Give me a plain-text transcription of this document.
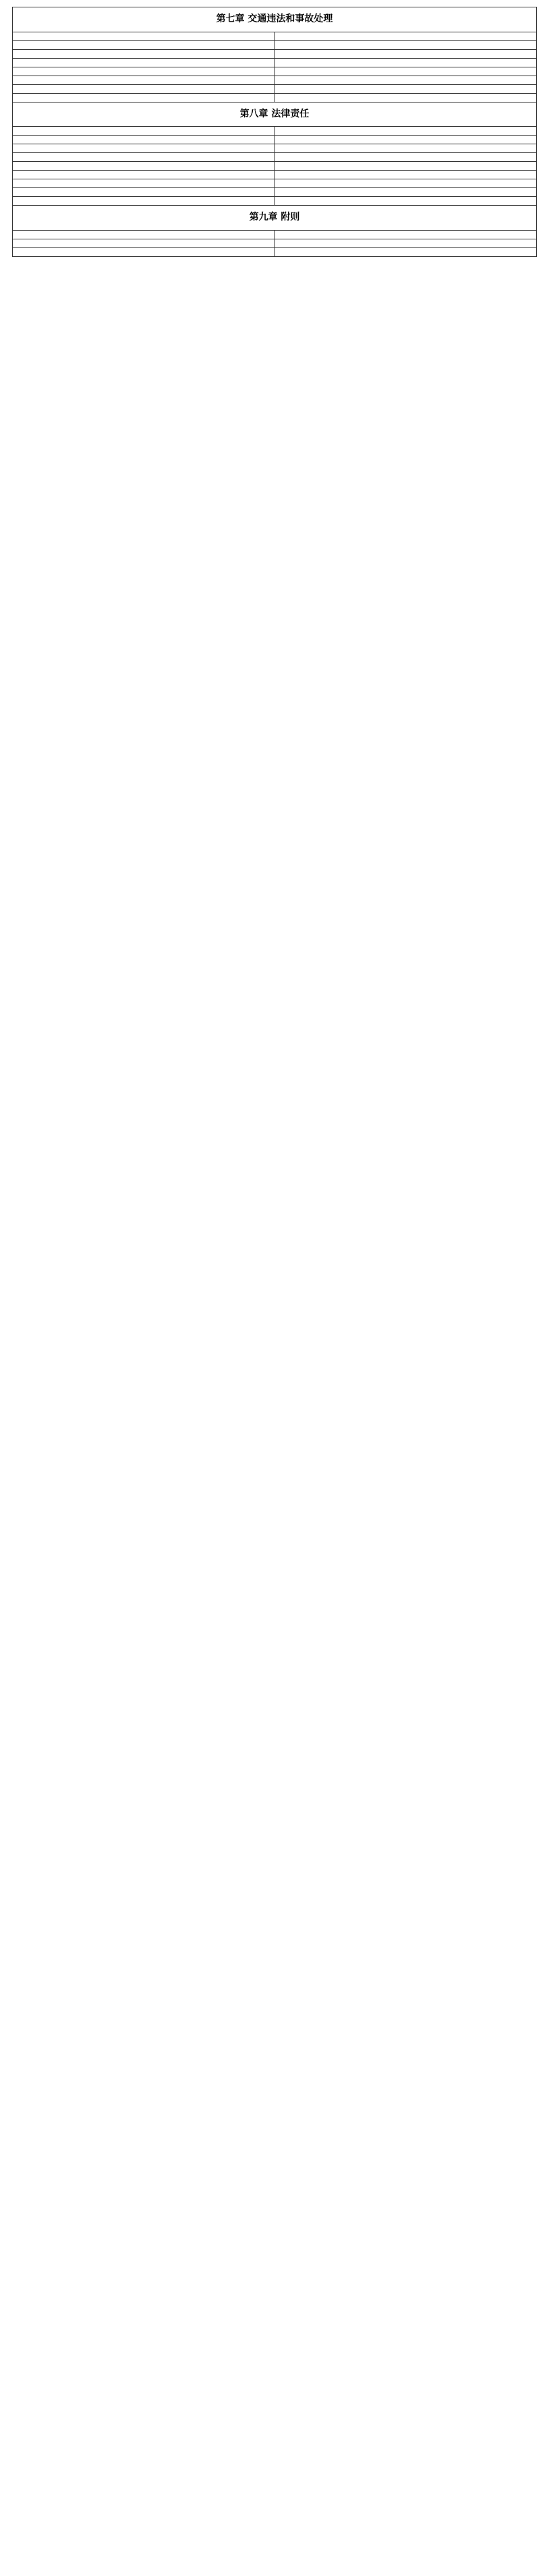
第七章 交通违法和事故处理	

第八章 法律责任	

第九章 附则	
